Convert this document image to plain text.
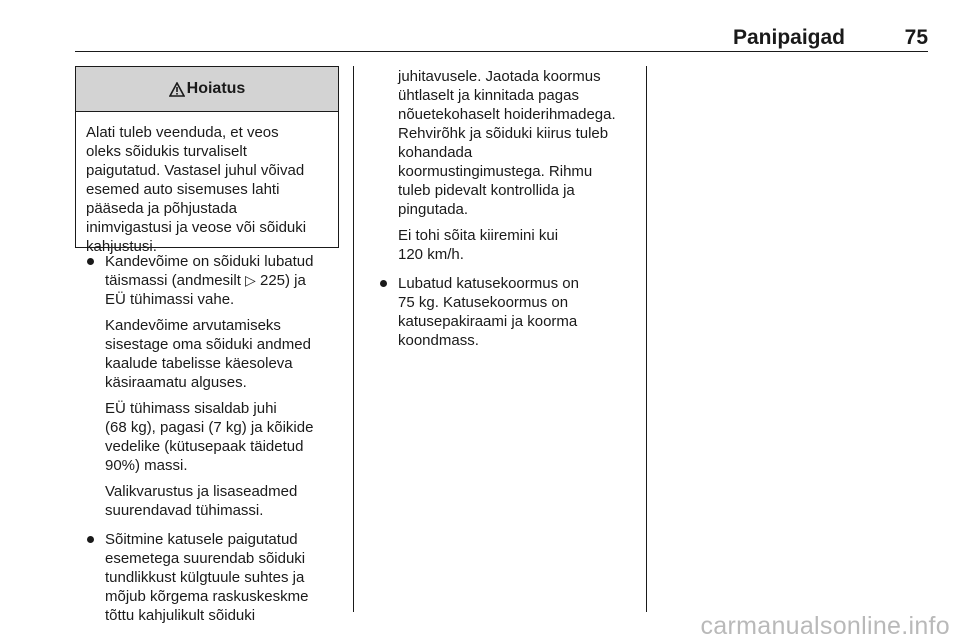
Panipaigad	75
Hoiatus
Alati tuleb veenduda, et veos
oleks sõidukis turvaliselt
paigutatud. Vastasel juhul võivad
esemed auto sisemuses lahti
pääseda ja põhjustada
inimvigastusi ja veose või sõiduki
kahjustusi.

Kandevõime on sõiduki lubatud
täismassi (andmesilt ▷ 225) ja
EÜ tühimassi vahe.

Kandevõime arvutamiseks
sisestage oma sõiduki andmed
kaalude tabelisse käesoleva
käsiraamatu alguses.

EÜ tühimass sisaldab juhi
(68 kg), pagasi (7 kg) ja kõikide
vedelike (kütusepaak täidetud
90%) massi.

Valikvarustus ja lisaseadmed
suurendavad tühimassi.

Sõitmine katusele paigutatud
esemetega suurendab sõiduki
tundlikkust külgtuule suhtes ja
mõjub kõrgema raskuskeskme
tõttu kahjulikult sõiduki

juhitavusele. Jaotada koormus
ühtlaselt ja kinnitada pagas
nõuetekohaselt hoiderihmadega.
Rehvirõhk ja sõiduki kiirus tuleb
kohandada
koormustingimustega. Rihmu
tuleb pidevalt kontrollida ja
pingutada.

Ei tohi sõita kiiremini kui
120 km/h.

Lubatud katusekoormus on
75 kg. Katusekoormus on
katusepakiraami ja koorma
koondmass.

carmanualsonline.info
